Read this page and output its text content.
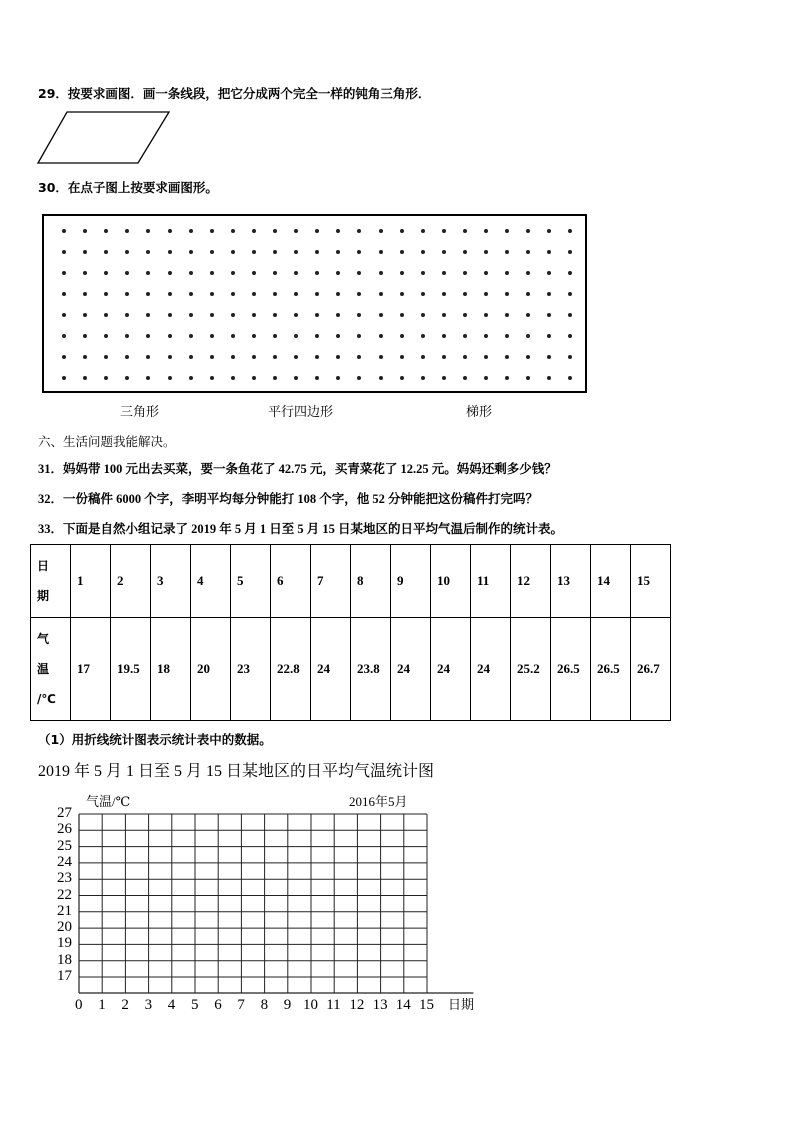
29．按要求画图．画一条线段，把它分成两个完全一样的钝角三角形．
30．在点子图上按要求画图形。
三角形	平行四边形	梯形
六、生活问题我能解决。
31．妈妈带 100 元出去买菜，要一条鱼花了 42.75 元，买青菜花了 12.25 元。妈妈还剩多少钱？
32．一份稿件 6000 个字，李明平均每分钟能打 108 个字，他 52 分钟能把这份稿件打完吗？
33．下面是自然小组记录了 2019 年 5 月 1 日至 5 月 15 日某地区的日平均气温后制作的统计表。
日
期	1	2	3	4	5	6	7	8	9	10	11	12	13	14	15
气
温
/℃	17	19.5	18	20	23	22.8	24	23.8	24	24	24	25.2	26.5	26.5	26.7
（1）用折线统计图表示统计表中的数据。
2019 年 5 月 1 日至 5 月 15 日某地区的日平均气温统计图
气温/℃	2016年5月
日期
27
26
25
24
23
22
21
20
19
18
17
0 1 2 3 4 5 6 7 8 9 10 11 12 13 14 15
